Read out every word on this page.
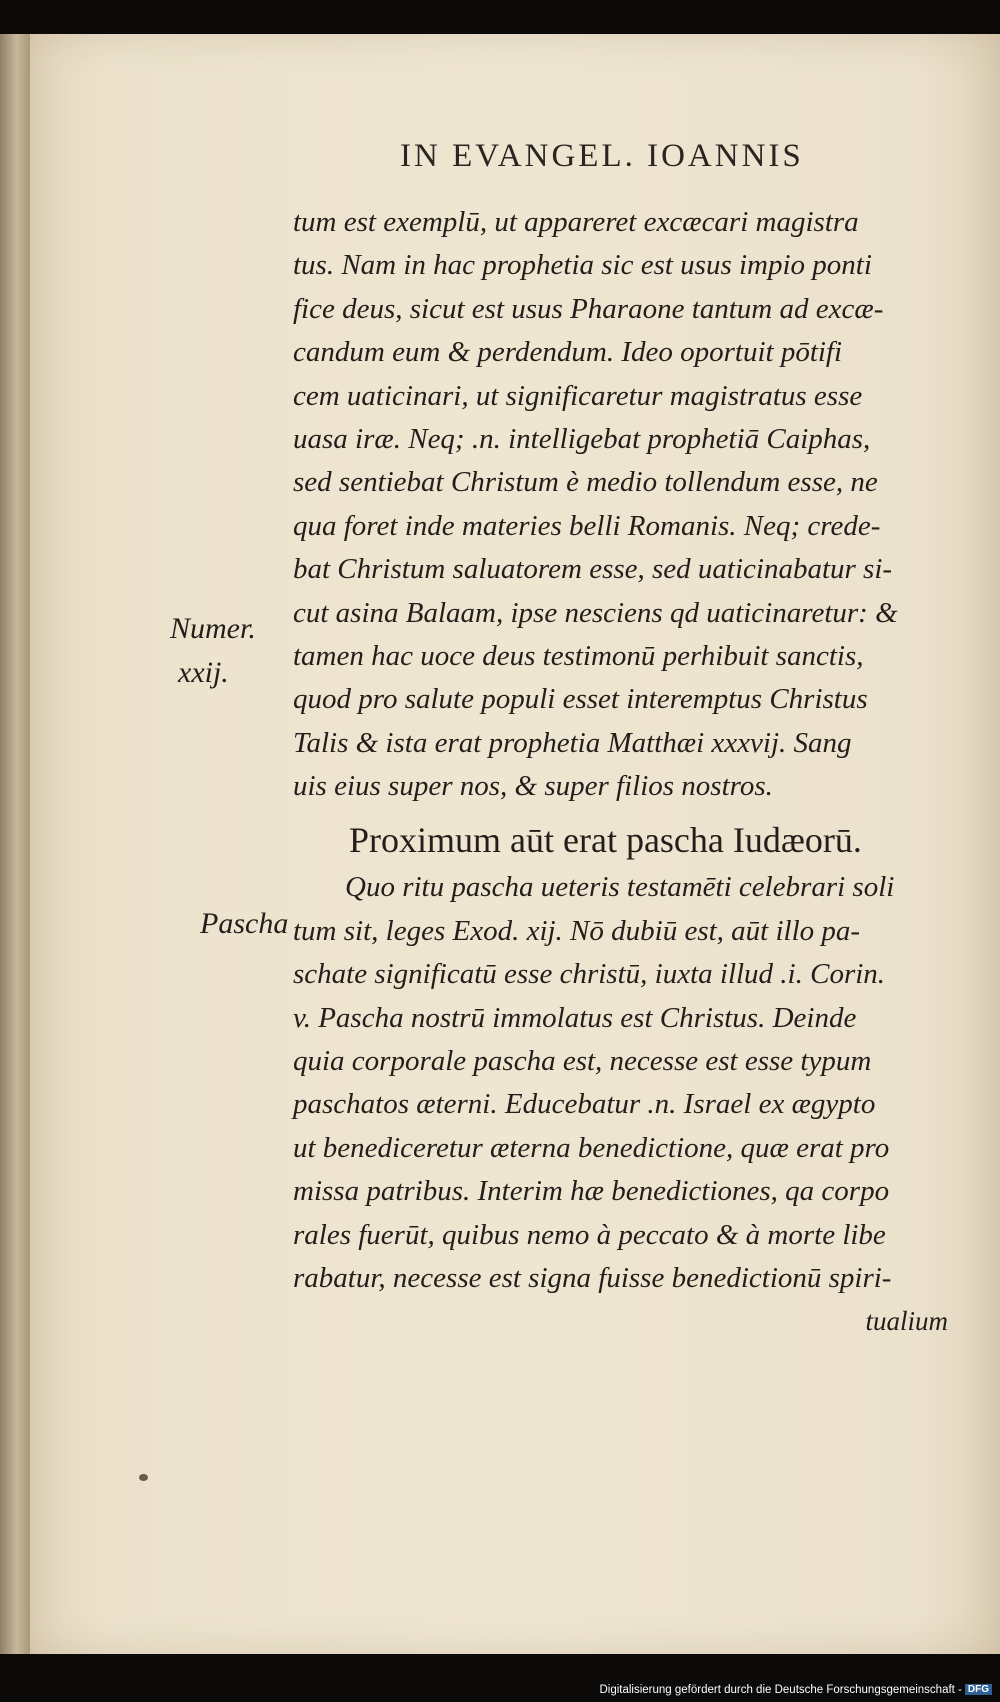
IN EVANGEL. IOANNIS
Numer.
xxij.
Pascha
tum est exemplū, ut appareret excæcari magistra
tus. Nam in hac prophetia sic est usus impio ponti
fice deus, sicut est usus Pharaone tantum ad excæ-
candum eum & perdendum. Ideo oportuit pōtifi
cem uaticinari, ut significaretur magistratus esse
uasa iræ. Neq; .n. intelligebat prophetiā Caiphas,
sed sentiebat Christum è medio tollendum esse, ne
qua foret inde materies belli Romanis. Neq; crede-
bat Christum saluatorem esse, sed uaticinabatur si-
cut asina Balaam, ipse nesciens qd uaticinaretur: &
tamen hac uoce deus testimonū perhibuit sanctis,
quod pro salute populi esset interemptus Christus
Talis & ista erat prophetia Matthæi xxxvij. Sang
uis eius super nos, & super filios nostros.
Proximum aūt erat pascha Iudæorū.
Quo ritu pascha ueteris testamēti celebrari soli
tum sit, leges Exod. xij. Nō dubiū est, aūt illo pa-
schate significatū esse christū, iuxta illud .i. Corin.
v. Pascha nostrū immolatus est Christus. Deinde
quia corporale pascha est, necesse est esse typum
paschatos æterni. Educebatur .n. Israel ex ægypto
ut benediceretur æterna benedictione, quæ erat pro
missa patribus. Interim hæ benedictiones, qa corpo
rales fuerūt, quibus nemo à peccato & à morte libe
rabatur, necesse est signa fuisse benedictionū spiri-
tualium
Digitalisierung gefördert durch die Deutsche Forschungsgemeinschaft - DFG
